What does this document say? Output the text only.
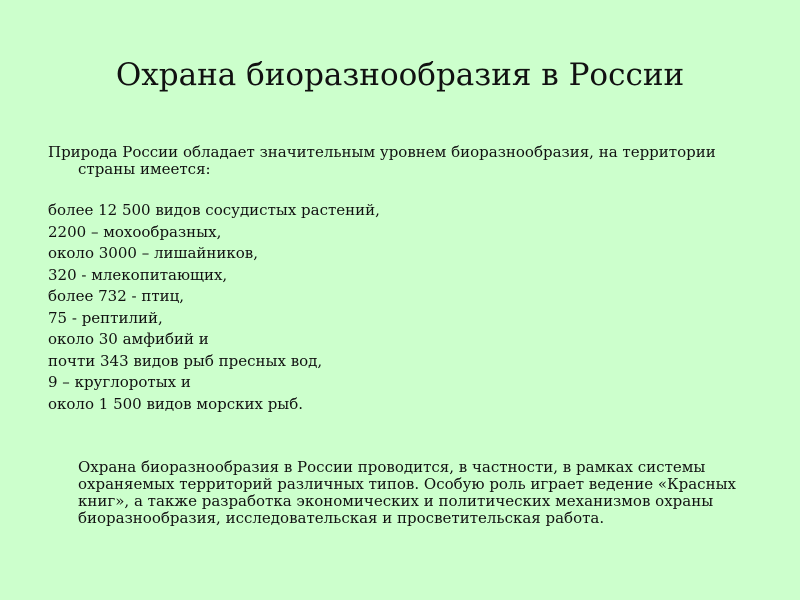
Охрана биоразнообразия в России

Природа России обладает значительным уровнем биоразнообразия, на территории страны имеется:

более 12 500 видов сосудистых растений,
2200 – мохообразных,
около 3000 – лишайников,
320 - млекопитающих,
более 732 - птиц,
75 - рептилий,
около 30 амфибий и
почти 343 видов рыб пресных вод,
9 – круглоротых и
около 1 500 видов морских рыб.

Охрана биоразнообразия в России проводится, в частности, в рамках системы охраняемых территорий различных типов. Особую роль играет ведение «Красных книг», а также разработка экономических и политических механизмов охраны биоразнообразия, исследовательская и просветительская работа.
